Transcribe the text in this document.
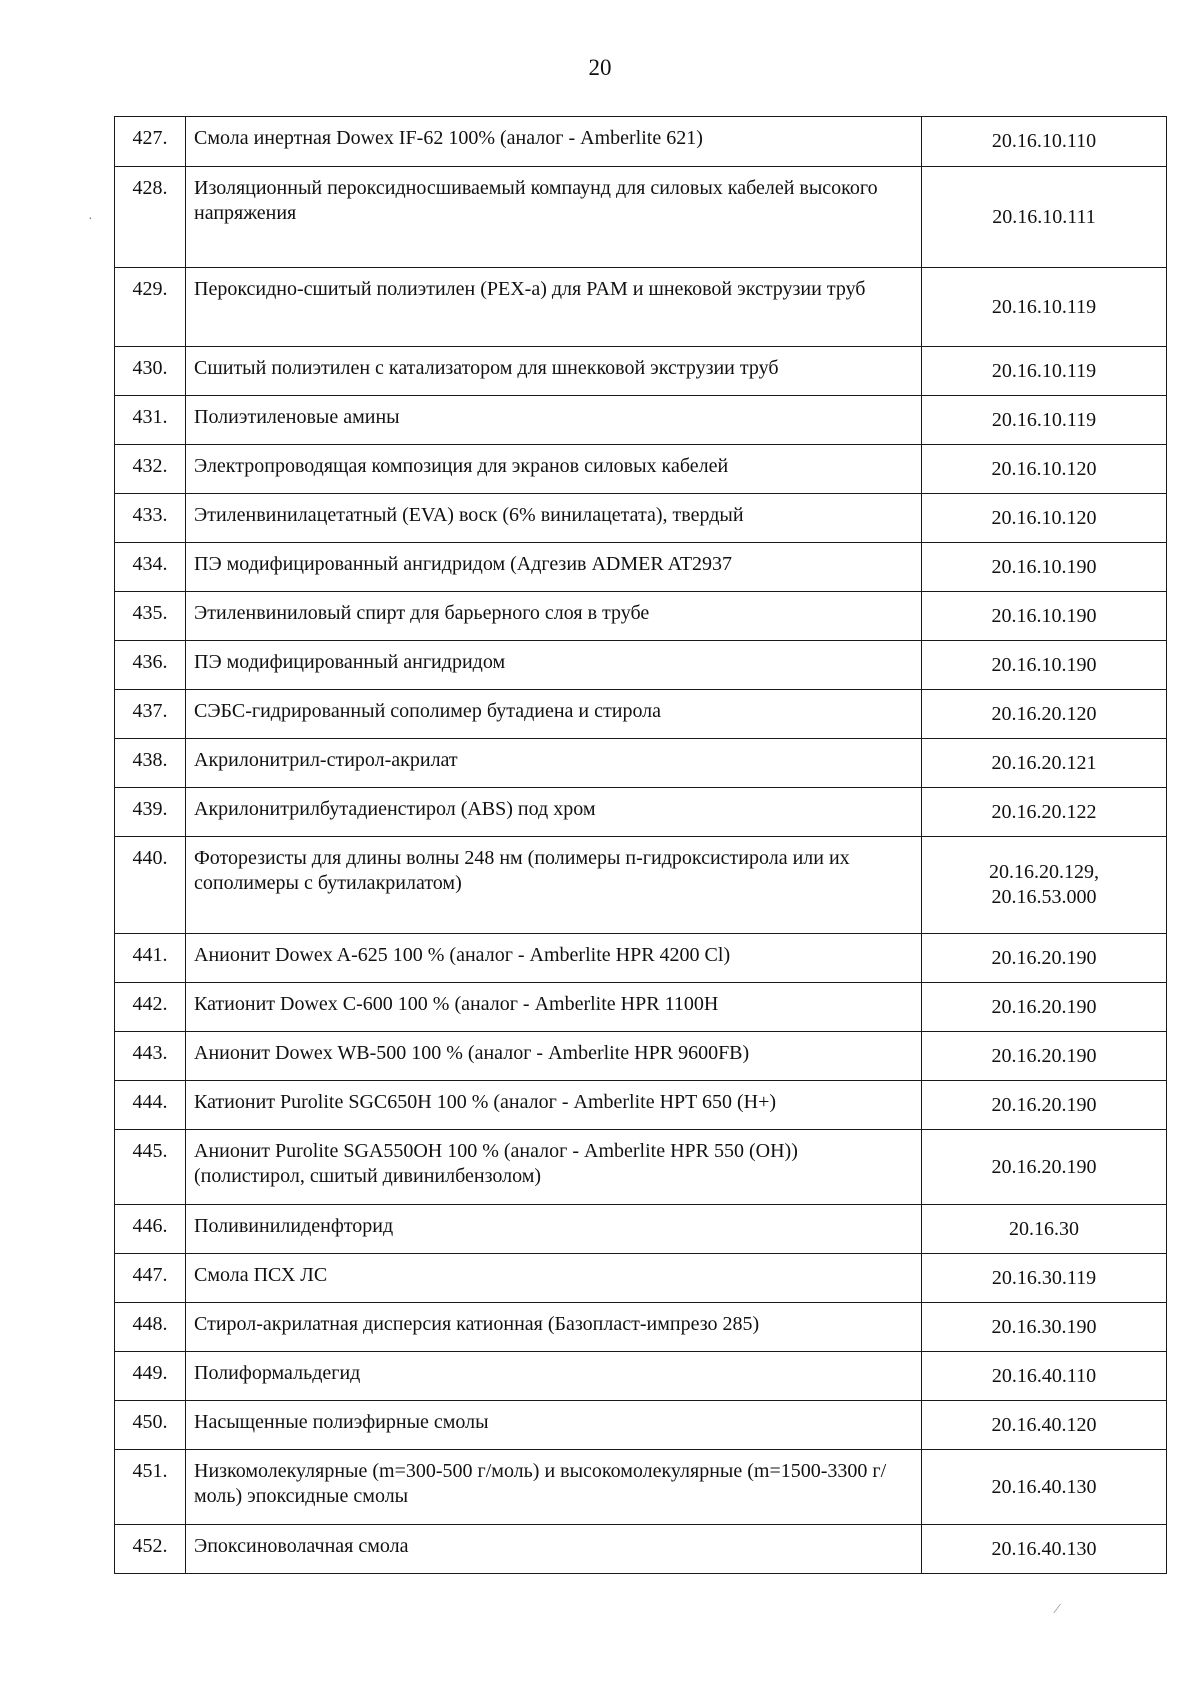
20
·
⁄
427.	Смола инертная Dowex IF-62 100% (аналог - Amberlite 621)	20.16.10.110

428.	Изоляционный пероксидносшиваемый компаунд для силовых кабелей высокого напряжения	20.16.10.111

429.	Пероксидно-сшитый полиэтилен (PEX-a) для PAM и шнековой экструзии труб	20.16.10.119

430.	Сшитый полиэтилен с катализатором для шнекковой экструзии труб	20.16.10.119

431.	Полиэтиленовые амины	20.16.10.119

432.	Электропроводящая композиция для экранов силовых кабелей	20.16.10.120

433.	Этиленвинилацетатный (EVA) воск (6% винилацетата), твердый	20.16.10.120

434.	ПЭ модифицированный ангидридом (Адгезив ADMER AT2937	20.16.10.190

435.	Этиленвиниловый спирт для барьерного слоя в трубе	20.16.10.190

436.	ПЭ модифицированный ангидридом	20.16.10.190

437.	СЭБС-гидрированный сополимер бутадиена и стирола	20.16.20.120

438.	Акрилонитрил-стирол-акрилат	20.16.20.121

439.	Акрилонитрилбутадиенстирол (ABS) под хром	20.16.20.122

440.	Фоторезисты для длины волны 248 нм (полимеры п-гидроксистирола или их сополимеры с бутилакрилатом)	20.16.20.129,
20.16.53.000

441.	Анионит Dowex A-625 100 % (аналог - Amberlite HPR 4200 Cl)	20.16.20.190

442.	Катионит Dowex C-600 100 % (аналог - Amberlite HPR 1100H	20.16.20.190

443.	Анионит Dowex WB-500 100 % (аналог - Amberlite HPR 9600FB)	20.16.20.190

444.	Катионит Purolite SGC650H 100 % (аналог - Amberlite HPT 650 (H+)	20.16.20.190

445.	Анионит Purolite SGA550OH 100 % (аналог - Amberlite HPR 550 (OH)) (полистирол, сшитый дивинилбензолом)	20.16.20.190

446.	Поливинилиденфторид	20.16.30

447.	Смола ПСХ ЛС	20.16.30.119

448.	Стирол-акрилатная дисперсия катионная (Базопласт-импрезо 285)	20.16.30.190

449.	Полиформальдегид	20.16.40.110

450.	Насыщенные полиэфирные смолы	20.16.40.120

451.	Низкомолекулярные (m=300-500 г/моль) и высокомолекулярные (m=1500-3300 г/моль) эпоксидные смолы	20.16.40.130

452.	Эпоксиноволачная смола	20.16.40.130
